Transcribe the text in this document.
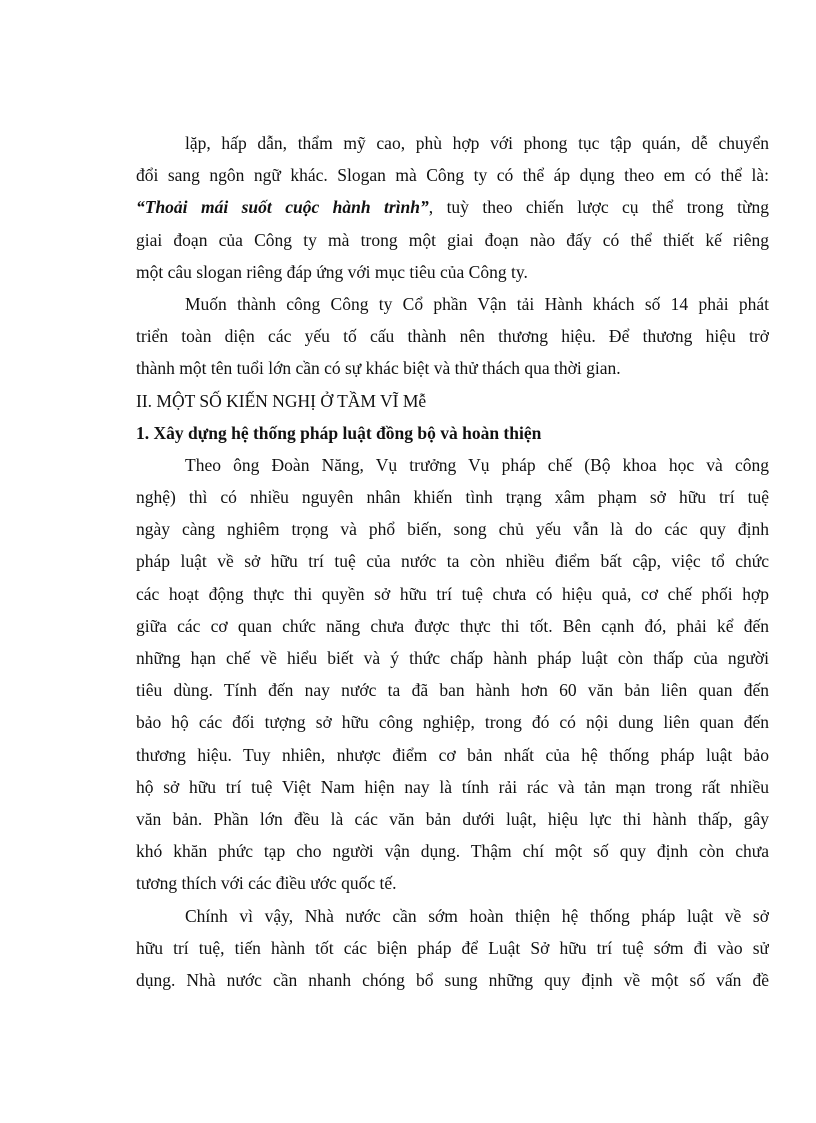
lặp, hấp dẫn, thẩm mỹ cao, phù hợp với phong tục tập quán, dễ chuyển
đổi sang ngôn ngữ khác. Slogan mà Công ty có thể áp dụng theo em có thể là:
“Thoải mái suốt cuộc hành trình”, tuỳ theo chiến lược cụ thể trong từng
giai đoạn của Công ty mà trong một giai đoạn nào đấy có thể thiết kế riêng
một câu slogan riêng đáp ứng với mục tiêu của Công ty.
Muốn thành công Công ty Cổ phần Vận tải Hành khách số 14 phải phát
triển toàn diện các yếu tố cấu thành nên thương hiệu. Để thương hiệu trở
thành một tên tuổi lớn cần có sự khác biệt và thử thách qua thời gian.
II. MỘT SỐ KIẾN NGHỊ Ở TẦM VĨ Mễ
1. Xây dựng hệ thống pháp luật đồng bộ và hoàn thiện
Theo ông Đoàn Năng, Vụ trưởng Vụ pháp chế (Bộ khoa học và công
nghệ) thì có nhiều nguyên nhân khiến tình trạng xâm phạm sở hữu trí tuệ
ngày càng nghiêm trọng và phổ biến, song chủ yếu vẫn là do các quy định
pháp luật về sở hữu trí tuệ của nước ta còn nhiều điểm bất cập, việc tổ chức
các hoạt động thực thi quyền sở hữu trí tuệ chưa có hiệu quả, cơ chế phối hợp
giữa các cơ quan chức năng chưa được thực thi tốt. Bên cạnh đó, phải kể đến
những hạn chế về hiểu biết và ý thức chấp hành pháp luật còn thấp của người
tiêu dùng. Tính đến nay nước ta đã ban hành hơn 60 văn bản liên quan đến
bảo hộ các đối tượng sở hữu công nghiệp, trong đó có nội dung liên quan đến
thương hiệu. Tuy nhiên, nhược điểm cơ bản nhất của hệ thống pháp luật bảo
hộ sở hữu trí tuệ Việt Nam hiện nay là tính rải rác và tản mạn trong rất nhiều
văn bản. Phần lớn đều là các văn bản dưới luật, hiệu lực thi hành thấp, gây
khó khăn phức tạp cho người vận dụng. Thậm chí một số quy định còn chưa
tương thích với các điều ước quốc tế.
Chính vì vậy, Nhà nước cần sớm hoàn thiện hệ thống pháp luật về sở
hữu trí tuệ, tiến hành tốt các biện pháp để Luật Sở hữu trí tuệ sớm đi vào sử
dụng. Nhà nước cần nhanh chóng bổ sung những quy định về một số vấn đề
